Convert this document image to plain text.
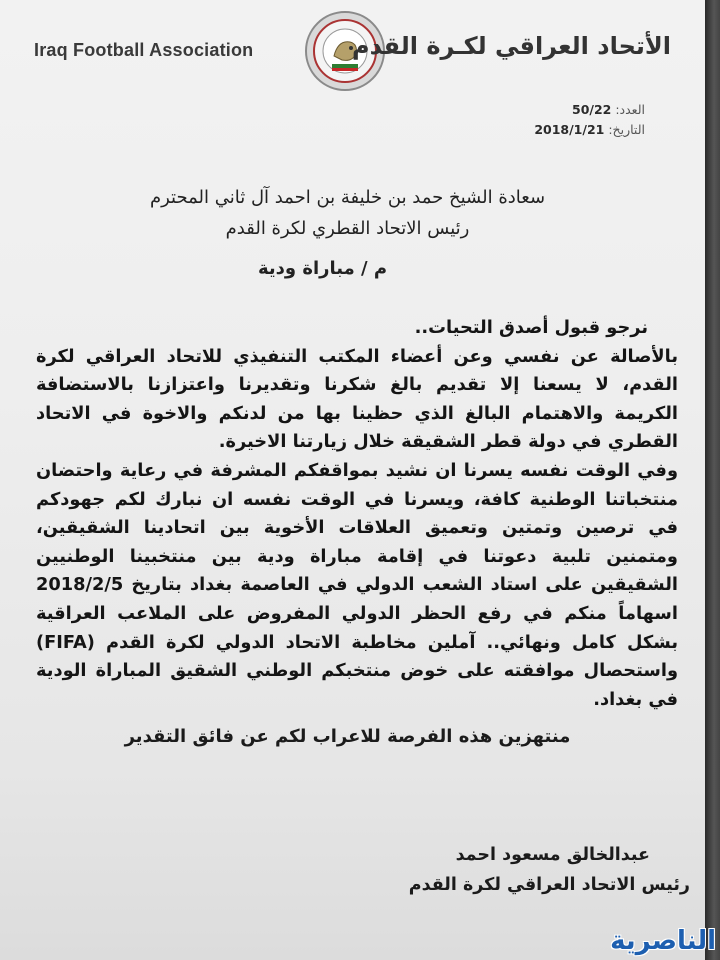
Iraq Football Association	الأتحاد العراقي لكـرة القدم
العدد: 50/22
التاريخ: 2018/1/21
سعادة الشيخ حمد بن خليفة بن احمد آل ثاني المحترم
رئيس الاتحاد القطري لكرة القدم
م / مباراة ودية

نرجو قبول أصدق التحيات..

بالأصالة عن نفسي وعن أعضاء المكتب التنفيذي للاتحاد العراقي لكرة القدم، لا يسعنا إلا تقديم بالغ شكرنا وتقديرنا واعتزازنا بالاستضافة الكريمة والاهتمام البالغ الذي حظينا بها من لدنكم والاخوة في الاتحاد القطري في دولة قطر الشقيقة خلال زيارتنا الاخيرة.

وفي الوقت نفسه يسرنا ان نشيد بمواقفكم المشرفة في رعاية واحتضان منتخباتنا الوطنية كافة، ويسرنا في الوقت نفسه ان نبارك لكم جهودكم في ترصين وتمتين وتعميق العلاقات الأخوية بين اتحادينا الشقيقين، ومتمنين تلبية دعوتنا في إقامة مباراة ودية بين منتخبينا الوطنيين الشقيقين على استاد الشعب الدولي في العاصمة بغداد بتاريخ 2018/2/5 اسهاماً منكم في رفع الحظر الدولي المفروض على الملاعب العراقية بشكل كامل ونهائي.. آملين مخاطبة الاتحاد الدولي لكرة القدم (FIFA) واستحصال موافقته على خوض منتخبكم الوطني الشقيق المباراة الودية في بغداد.

منتهزين هذه الفرصة للاعراب لكم عن فائق التقدير
عبدالخالق مسعود احمد
رئيس الاتحاد العراقي لكرة القدم
الناصرية
